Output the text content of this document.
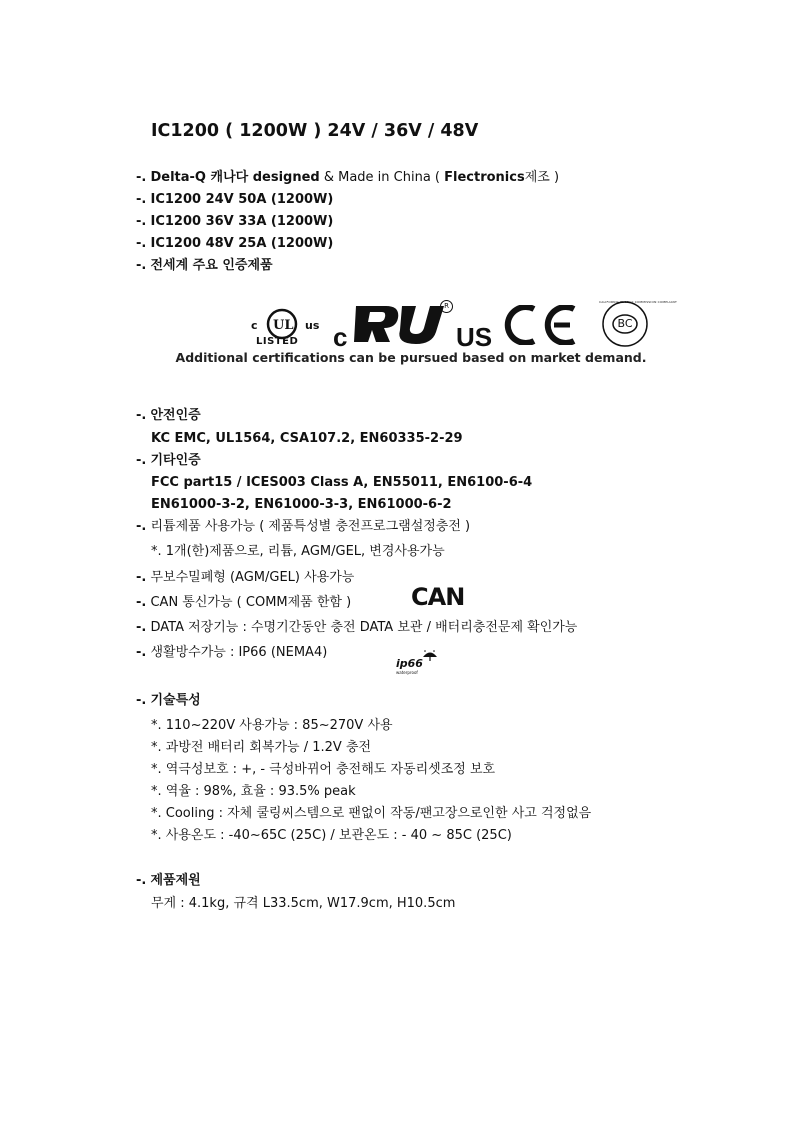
IC1200 ( 1200W ) 24V / 36V / 48V
-. Delta-Q 캐나다 designed & Made in China ( Flectronics제조 )
-. IC1200 24V 50A (1200W)
-. IC1200 36V 33A (1200W)
-. IC1200 48V 25A (1200W)
-. 전세계 주요 인증제품
c UL us
LISTED c
R
US	BC
CALIFORNIA ENERGY COMMISSION COMPLIANT
Additional certifications can be pursued based on market demand.
-. 안전인증
KC EMC, UL1564, CSA107.2, EN60335-2-29
-. 기타인증
FCC part15 / ICES003 Class A, EN55011, EN6100-6-4
EN61000-3-2, EN61000-3-3, EN61000-6-2
-. 리튬제품 사용가능 ( 제품특성별 충전프로그램설정충전 )
*. 1개(한)제품으로, 리튬, AGM/GEL, 변경사용가능
-. 무보수밀폐형 (AGM/GEL) 사용가능
-. CAN 통신가능 ( COMM제품 한함 ) CAN
-. DATA 저장기능 : 수명기간동안 충전 DATA 보관 / 배터리충전문제 확인가능
-. 생활방수가능 : IP66 (NEMA4)
ip66
waterproof
-. 기술특성
*. 110~220V 사용가능 : 85~270V 사용
*. 과방전 배터리 회복가능 / 1.2V 충전
*. 역극성보호 : +, - 극성바뀌어 충전해도 자동리셋조정 보호
*. 역율 : 98%, 효율 : 93.5% peak
*. Cooling : 자체 쿨링씨스템으로 팬없이 작동/팬고장으로인한 사고 걱정없음
*. 사용온도 : -40~65C (25C) / 보관온도 : - 40 ~ 85C (25C)
-. 제품제원
무게 : 4.1kg, 규격 L33.5cm, W17.9cm, H10.5cm
